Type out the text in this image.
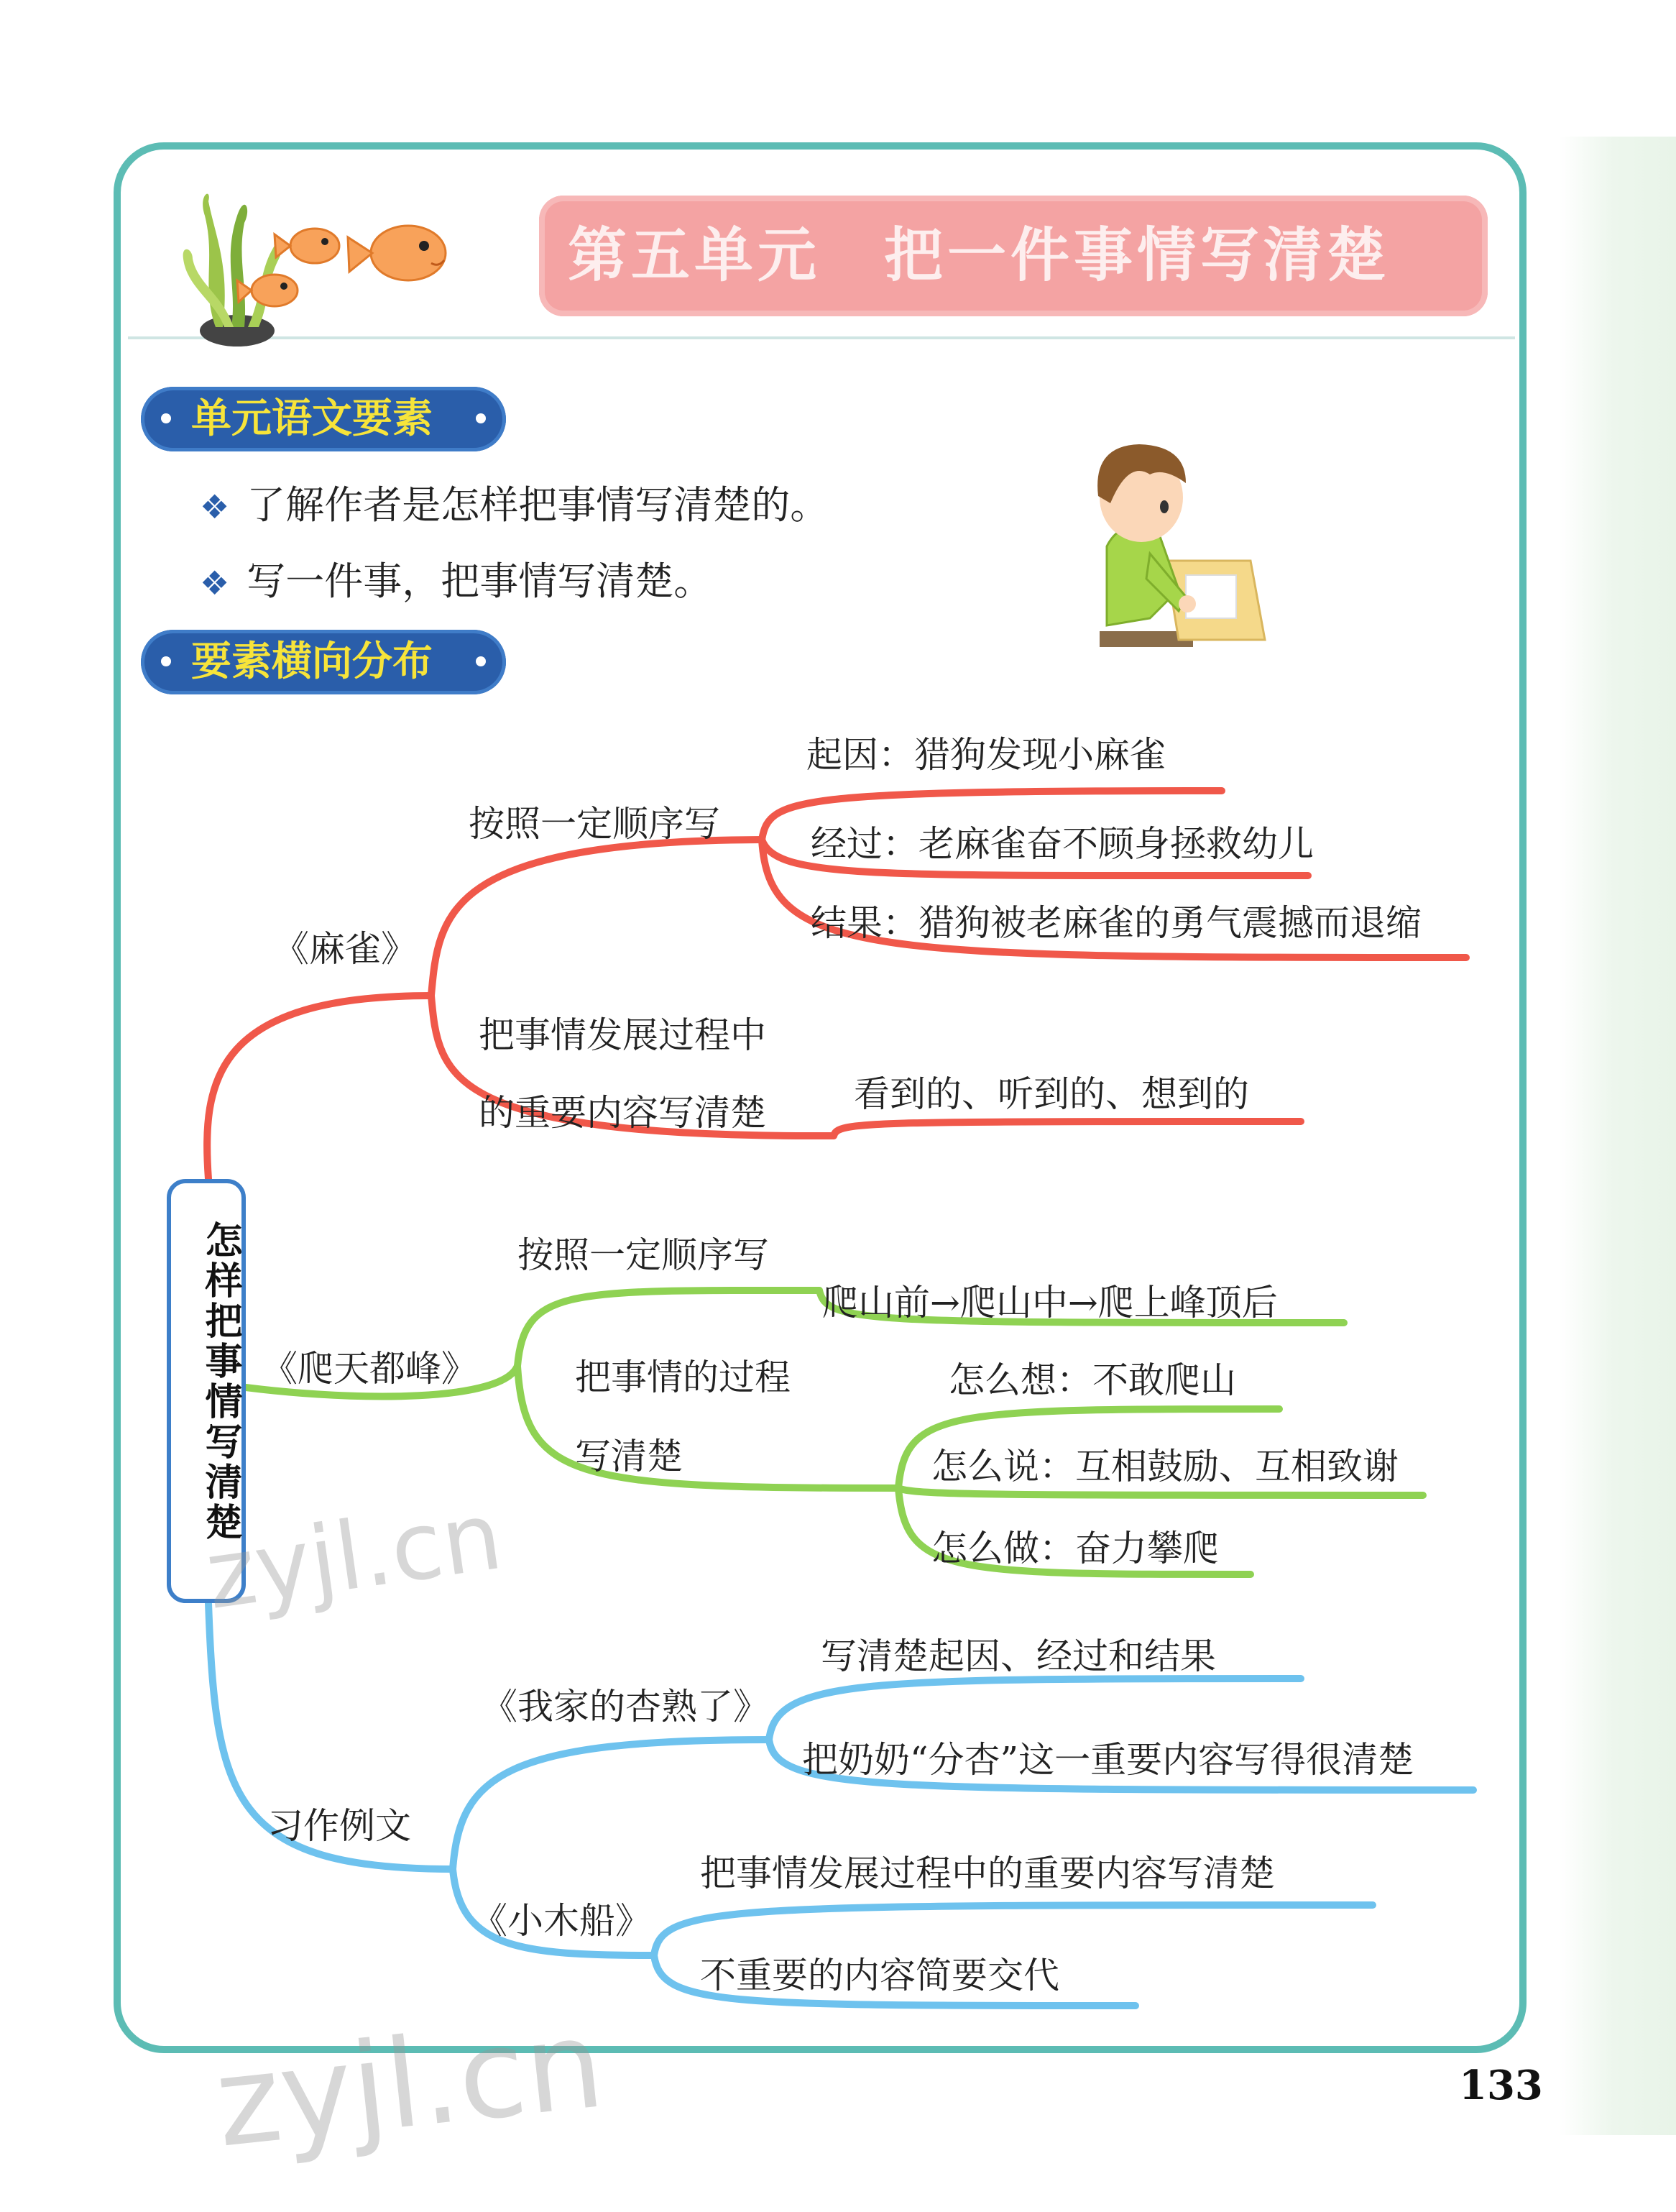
第五单元　把一件事情写清楚
单元语文要素
❖ 了解作者是怎样把事情写清楚的。
❖ 写一件事，把事情写清楚。
要素横向分布
怎样把事情写清楚
《麻雀》
按照一定顺序写
起因：猎狗发现小麻雀
经过：老麻雀奋不顾身拯救幼儿
结果：猎狗被老麻雀的勇气震撼而退缩
把事情发展过程中
的重要内容写清楚 看到的、听到的、想到的
《爬天都峰》
按照一定顺序写
爬山前→爬山中→爬上峰顶后
把事情的过程
写清楚
怎么想：不敢爬山
怎么说：互相鼓励、互相致谢
怎么做：奋力攀爬
习作例文
《我家的杏熟了》
写清楚起因、经过和结果
把奶奶“分杏”这一重要内容写得很清楚
《小木船》
把事情发展过程中的重要内容写清楚
不重要的内容简要交代
zyjl.cn
zyjl.cn	133
